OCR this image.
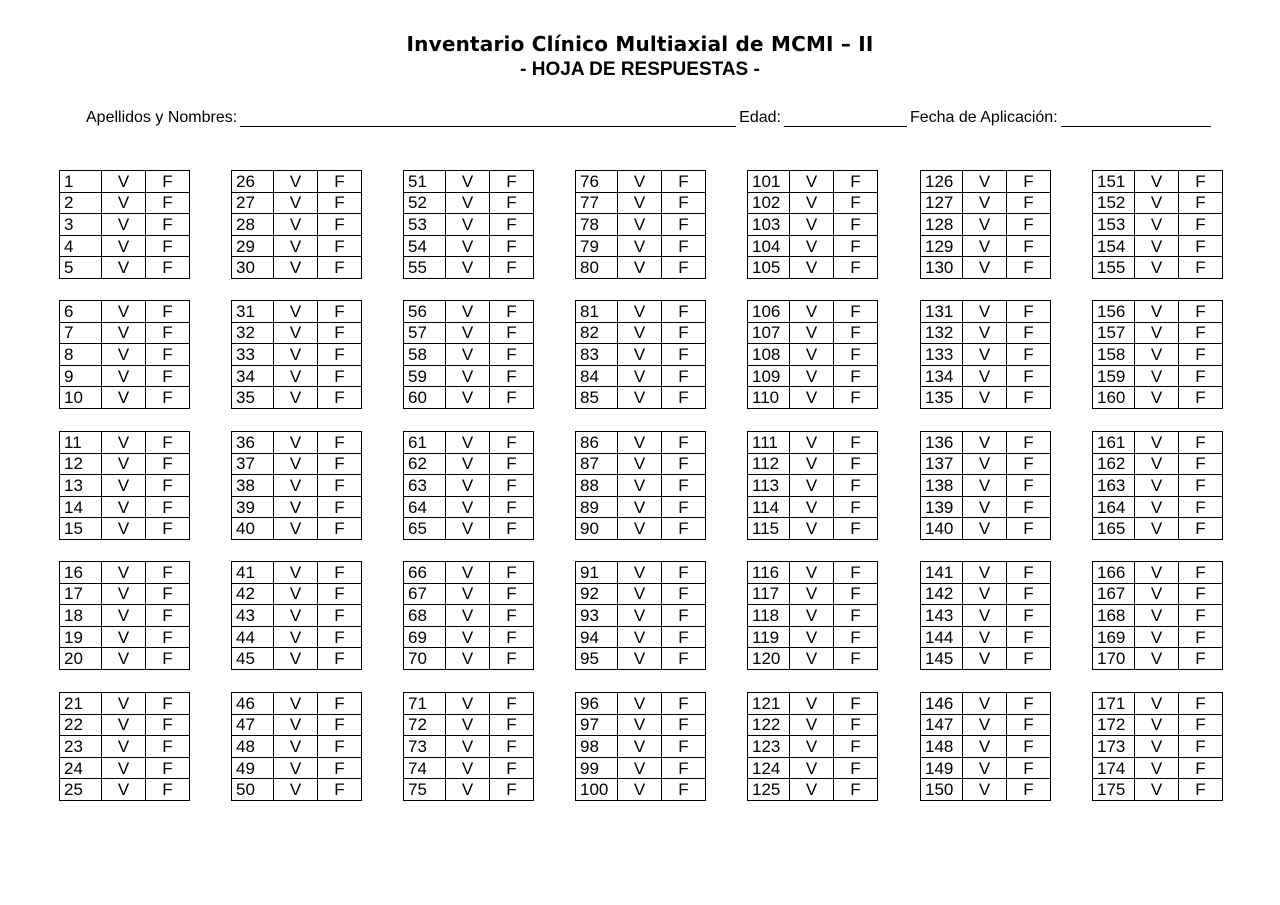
Inventario Clínico Multiaxial de MCMI – II
- HOJA DE RESPUESTAS -
Apellidos y Nombres:	Edad:	Fecha de Aplicación:
1	V	F
2	V	F
3	V	F
4	V	F
5	V	F
6	V	F
7	V	F
8	V	F
9	V	F
10	V	F
11	V	F
12	V	F
13	V	F
14	V	F
15	V	F
16	V	F
17	V	F
18	V	F
19	V	F
20	V	F
21	V	F
22	V	F
23	V	F
24	V	F
25	V	F
26	V	F
27	V	F
28	V	F
29	V	F
30	V	F
31	V	F
32	V	F
33	V	F
34	V	F
35	V	F
36	V	F
37	V	F
38	V	F
39	V	F
40	V	F
41	V	F
42	V	F
43	V	F
44	V	F
45	V	F
46	V	F
47	V	F
48	V	F
49	V	F
50	V	F
51	V	F
52	V	F
53	V	F
54	V	F
55	V	F
56	V	F
57	V	F
58	V	F
59	V	F
60	V	F
61	V	F
62	V	F
63	V	F
64	V	F
65	V	F
66	V	F
67	V	F
68	V	F
69	V	F
70	V	F
71	V	F
72	V	F
73	V	F
74	V	F
75	V	F
76	V	F
77	V	F
78	V	F
79	V	F
80	V	F
81	V	F
82	V	F
83	V	F
84	V	F
85	V	F
86	V	F
87	V	F
88	V	F
89	V	F
90	V	F
91	V	F
92	V	F
93	V	F
94	V	F
95	V	F
96	V	F
97	V	F
98	V	F
99	V	F
100	V	F
101	V	F
102	V	F
103	V	F
104	V	F
105	V	F
106	V	F
107	V	F
108	V	F
109	V	F
110	V	F
111	V	F
112	V	F
113	V	F
114	V	F
115	V	F
116	V	F
117	V	F
118	V	F
119	V	F
120	V	F
121	V	F
122	V	F
123	V	F
124	V	F
125	V	F
126	V	F
127	V	F
128	V	F
129	V	F
130	V	F
131	V	F
132	V	F
133	V	F
134	V	F
135	V	F
136	V	F
137	V	F
138	V	F
139	V	F
140	V	F
141	V	F
142	V	F
143	V	F
144	V	F
145	V	F
146	V	F
147	V	F
148	V	F
149	V	F
150	V	F
151	V	F
152	V	F
153	V	F
154	V	F
155	V	F
156	V	F
157	V	F
158	V	F
159	V	F
160	V	F
161	V	F
162	V	F
163	V	F
164	V	F
165	V	F
166	V	F
167	V	F
168	V	F
169	V	F
170	V	F
171	V	F
172	V	F
173	V	F
174	V	F
175	V	F
